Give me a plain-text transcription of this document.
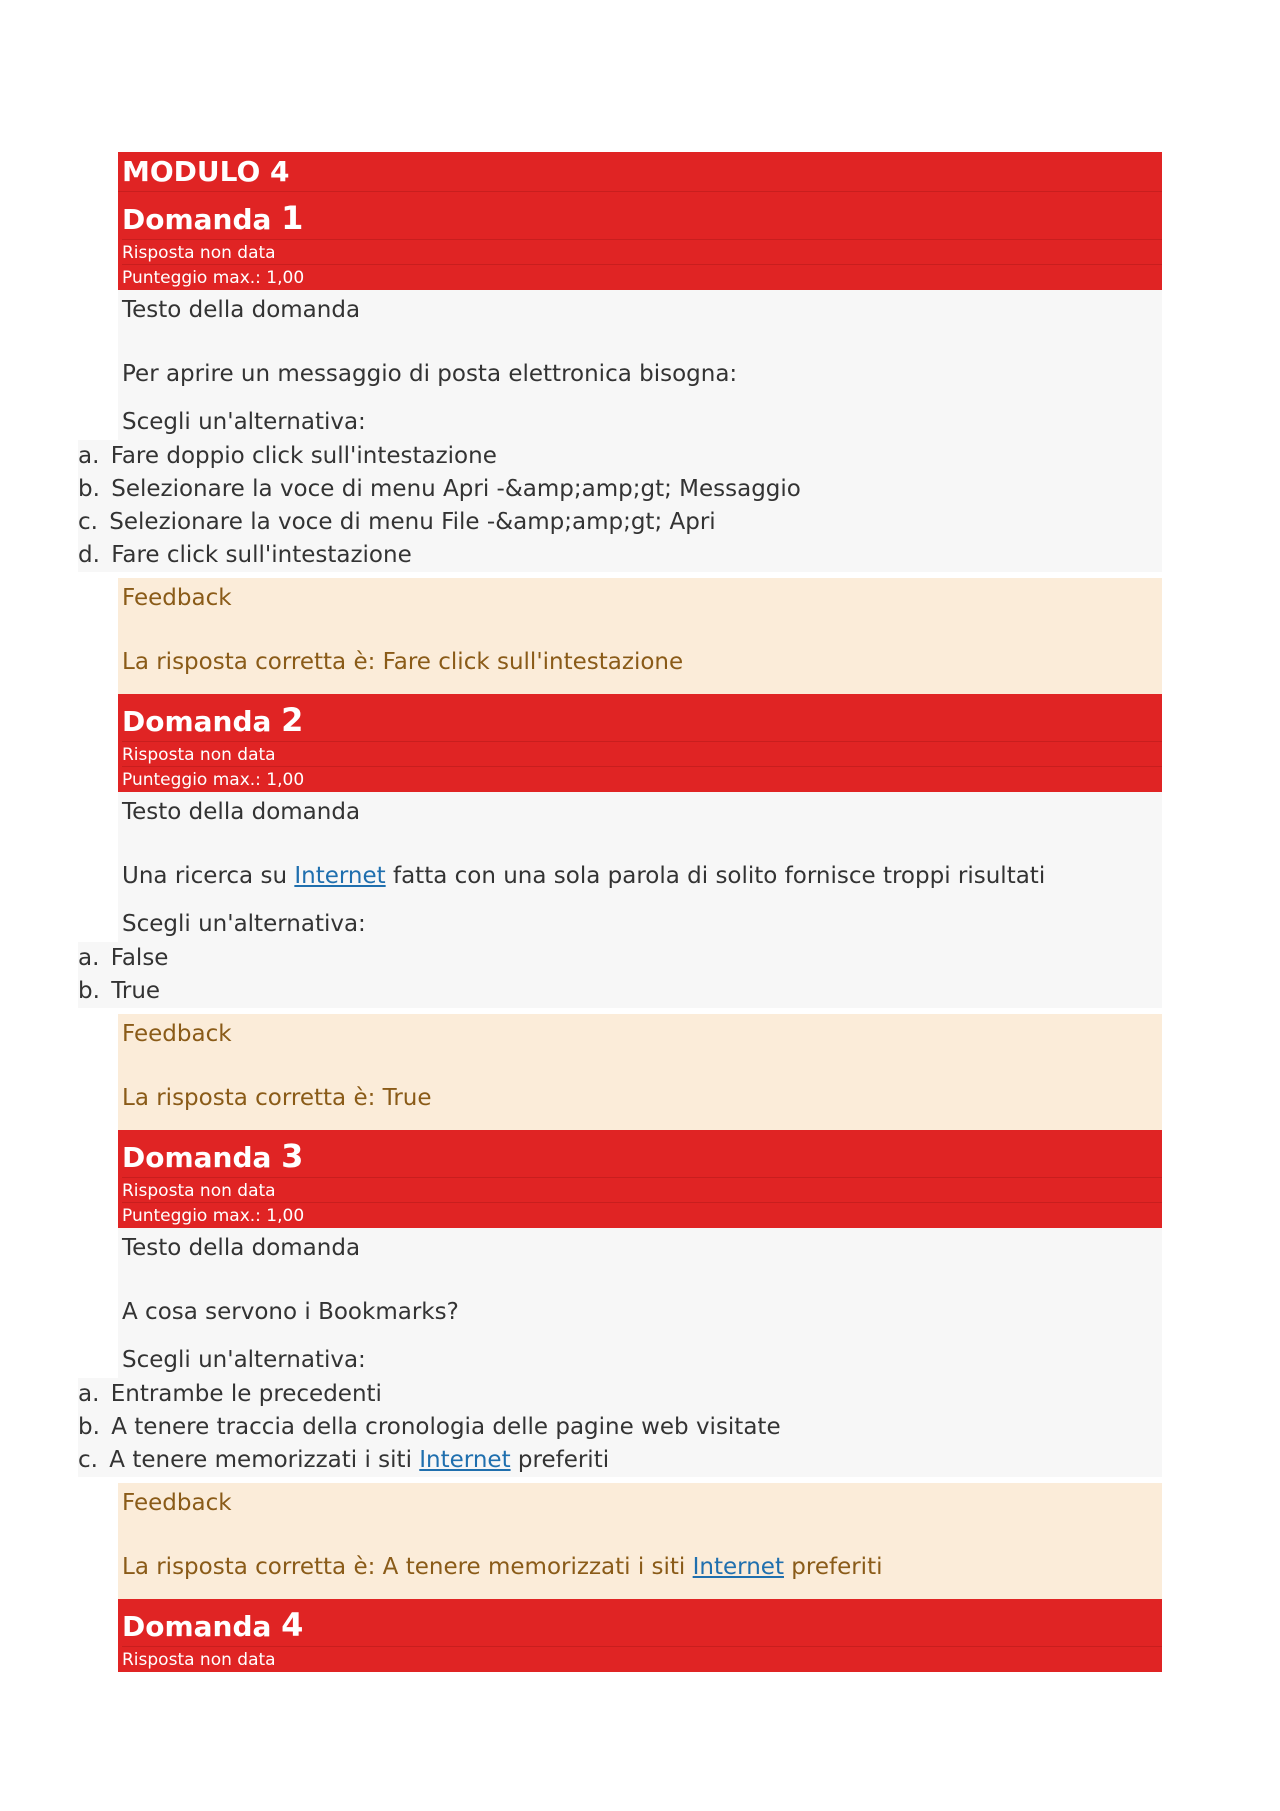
MODULO 4
Domanda 1
Risposta non data
Punteggio max.: 1,00
Testo della domanda
Per aprire un messaggio di posta elettronica bisogna:
Scegli un'alternativa:
a. Fare doppio click sull'intestazione
b. Selezionare la voce di menu Apri -&amp;amp;gt; Messaggio
c. Selezionare la voce di menu File -&amp;amp;gt; Apri
d. Fare click sull'intestazione
Feedback
La risposta corretta è: Fare click sull'intestazione
Domanda 2
Risposta non data
Punteggio max.: 1,00
Testo della domanda
Una ricerca su Internet fatta con una sola parola di solito fornisce troppi risultati
Scegli un'alternativa:
a. False
b. True
Feedback
La risposta corretta è: True
Domanda 3
Risposta non data
Punteggio max.: 1,00
Testo della domanda
A cosa servono i Bookmarks?
Scegli un'alternativa:
a. Entrambe le precedenti
b. A tenere traccia della cronologia delle pagine web visitate
c. A tenere memorizzati i siti Internet preferiti
Feedback
La risposta corretta è: A tenere memorizzati i siti Internet preferiti
Domanda 4
Risposta non data
